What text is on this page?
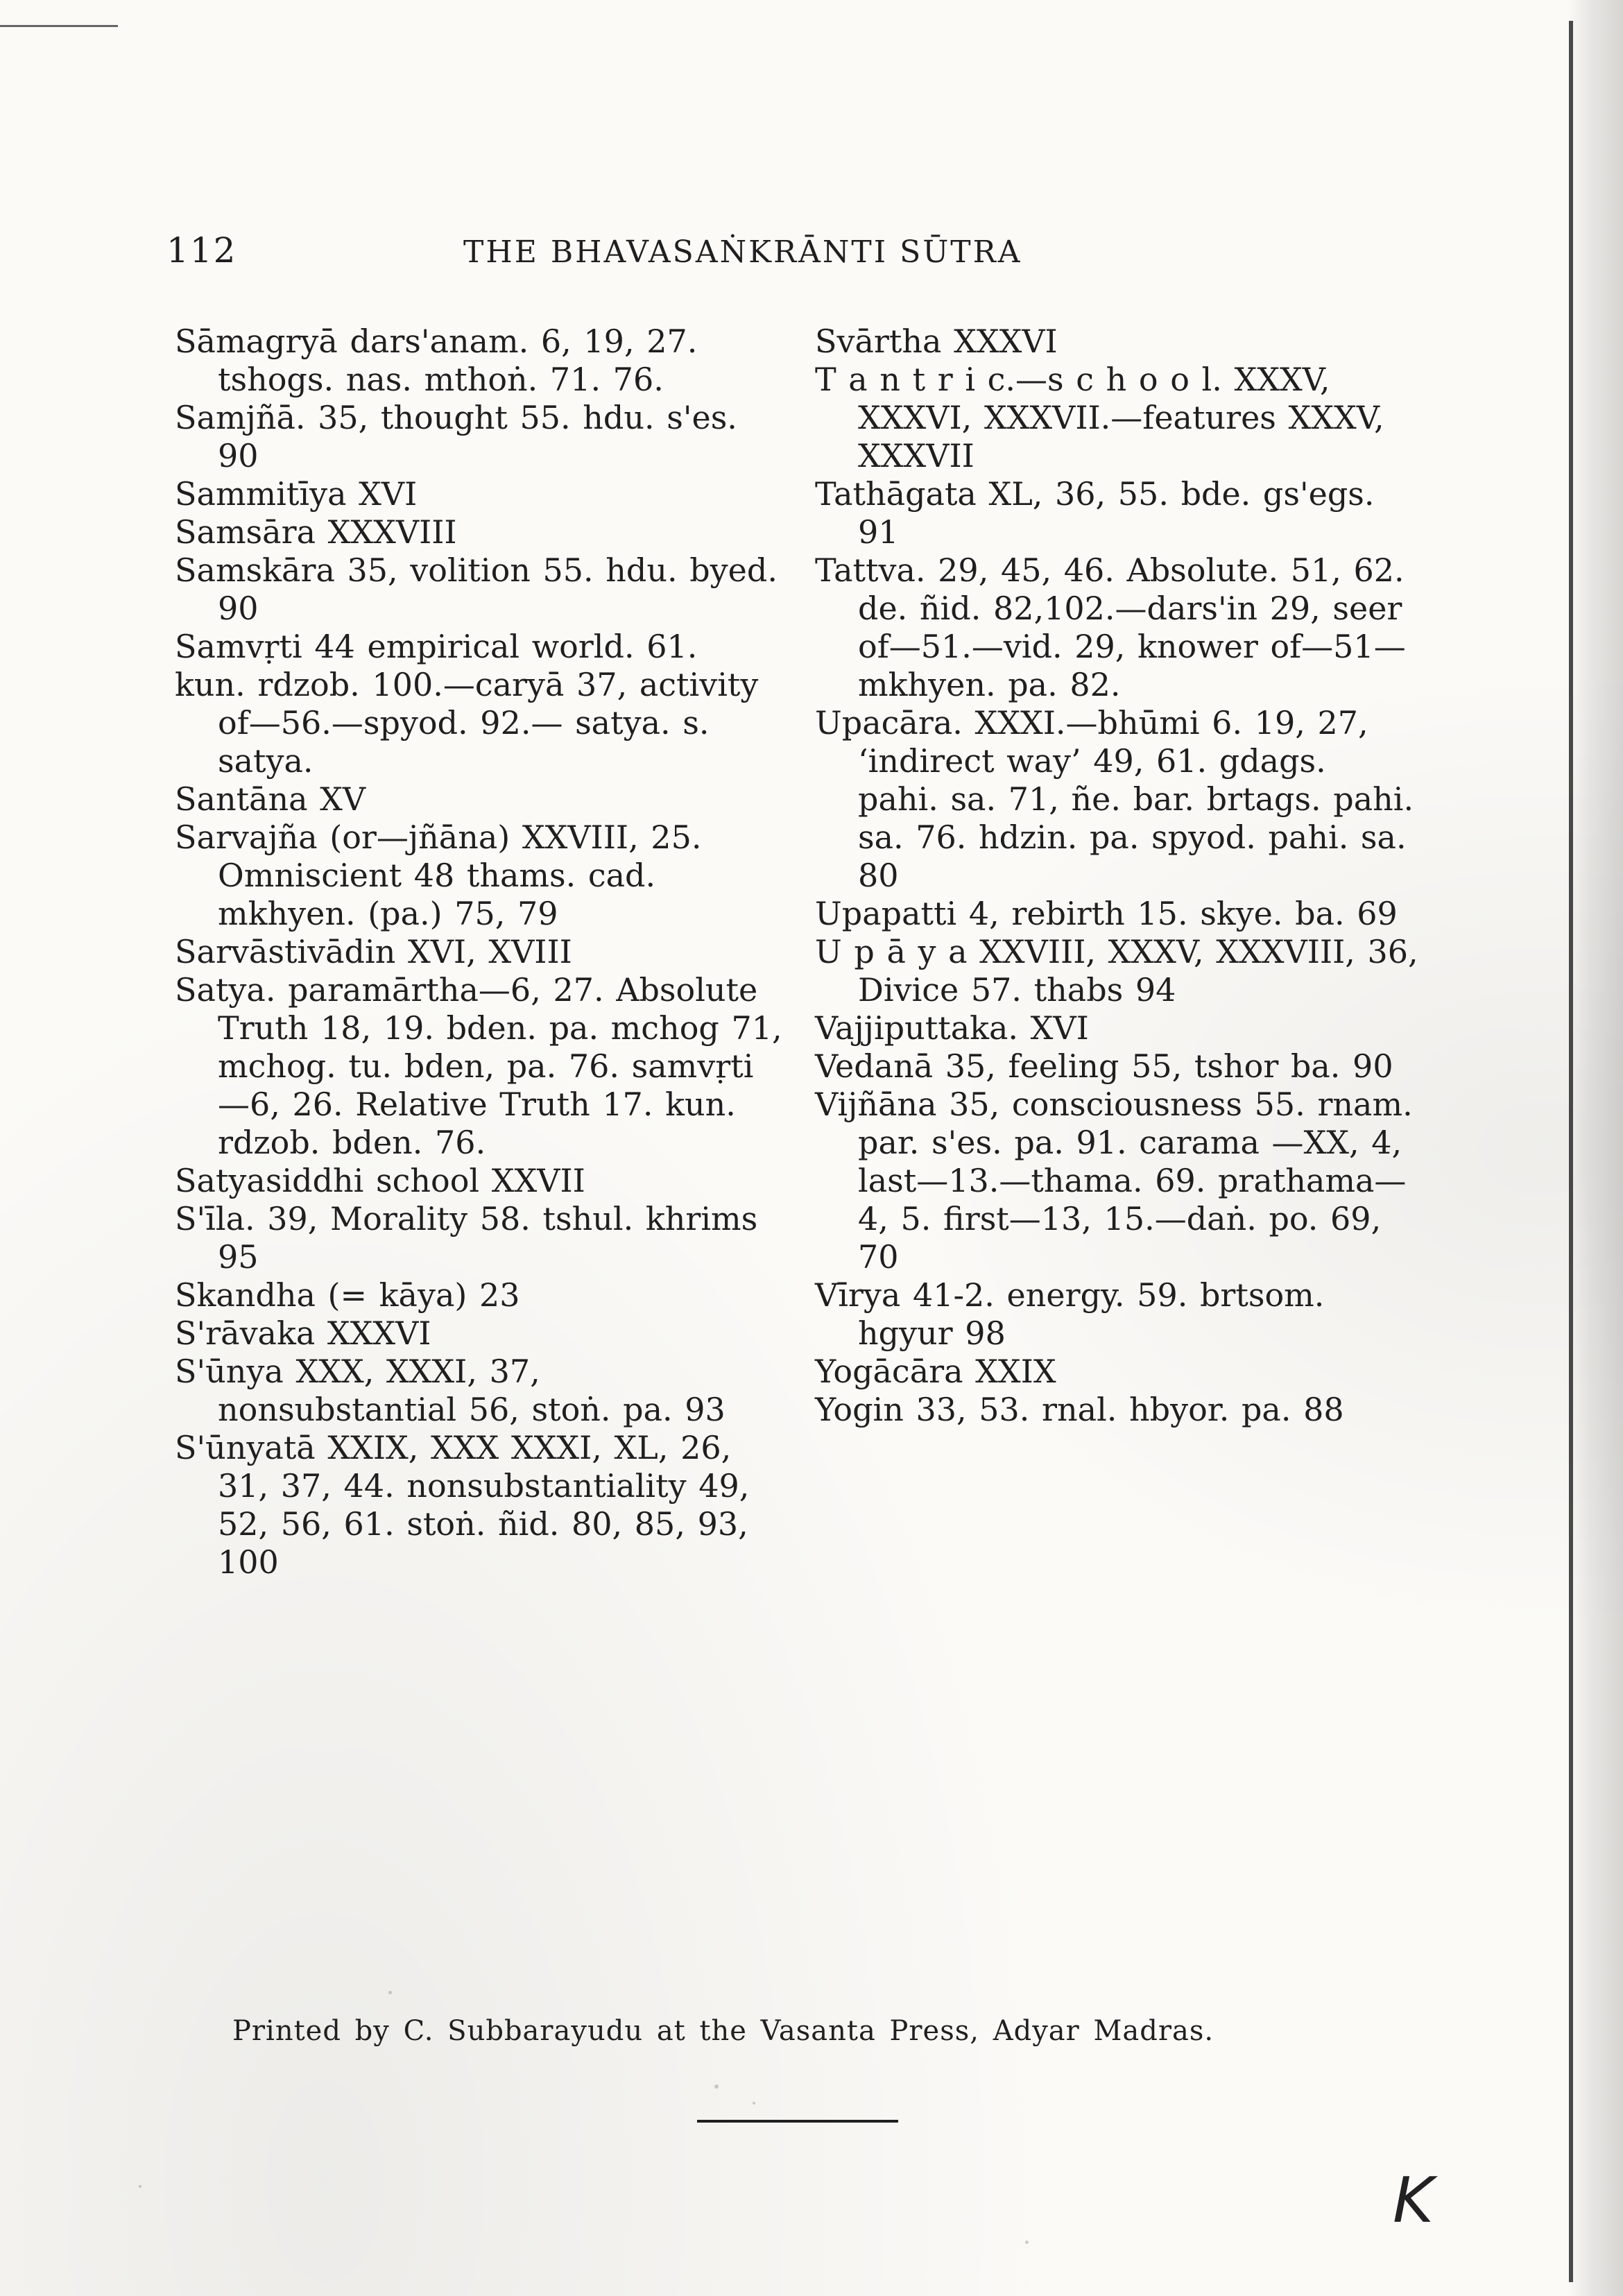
112	THE BHAVASAṄKRĀNTI SŪTRA

Sāmagryā dars'anam. 6, 19, 27. tshogs. nas. mthoṅ. 71. 76.

Samjñā. 35, thought 55. hdu. s'es. 90

Sammitīya XVI

Samsāra XXXVIII

Samskāra 35, volition 55. hdu. byed. 90

Samvṛti 44 empirical world. 61.

kun. rdzob. 100.—caryā 37, activity of—56.—spyod. 92.— satya. s. satya.

Santāna XV

Sarvajña (or—jñāna) XXVIII, 25. Omniscient 48 thams. cad. mkhyen. (pa.) 75, 79

Sarvāstivādin XVI, XVIII

Satya. paramārtha—6, 27. Absolute Truth 18, 19. bden. pa. mchog 71, mchog. tu. bden, pa. 76. samvṛti—6, 26. Relative Truth 17. kun. rdzob. bden. 76.

Satyasiddhi school XXVII

S'īla. 39, Morality 58. tshul. khrims 95

Skandha (= kāya) 23

S'rāvaka XXXVI

S'ūnya XXX, XXXI, 37, nonsubstantial 56, stoṅ. pa. 93

S'ūnyatā XXIX, XXX XXXI, XL, 26, 31, 37, 44. nonsubstantiality 49, 52, 56, 61. stoṅ. ñid. 80, 85, 93, 100

Svārtha XXXVI

T a n t r i c.—s c h o o l. XXXV, XXXVI, XXXVII.—features XXXV, XXXVII

Tathāgata XL, 36, 55. bde. gs'egs. 91

Tattva. 29, 45, 46. Absolute. 51, 62. de. ñid. 82,102.—dars'in 29, seer of—51.—vid. 29, knower of—51—mkhyen. pa. 82.

Upacāra. XXXI.—bhūmi 6. 19, 27, ‘indirect way’ 49, 61. gdags. pahi. sa. 71, ñe. bar. brtags. pahi. sa. 76. hdzin. pa. spyod. pahi. sa. 80

Upapatti 4, rebirth 15. skye. ba. 69

U p ā y a XXVIII, XXXV, XXXVIII, 36, Divice 57. thabs 94

Vajjiputtaka. XVI

Vedanā 35, feeling 55, tshor ba. 90

Vijñāna 35, consciousness 55. rnam. par. s'es. pa. 91. carama —XX, 4, last—13.—thama. 69. prathama—4, 5. first—13, 15.—daṅ. po. 69, 70

Vīrya 41-2. energy. 59. brtsom. hgyur 98

Yogācāra XXIX

Yogin 33, 53. rnal. hbyor. pa. 88

K
Printed by C. Subbarayudu at the Vasanta Press, Adyar Madras.
